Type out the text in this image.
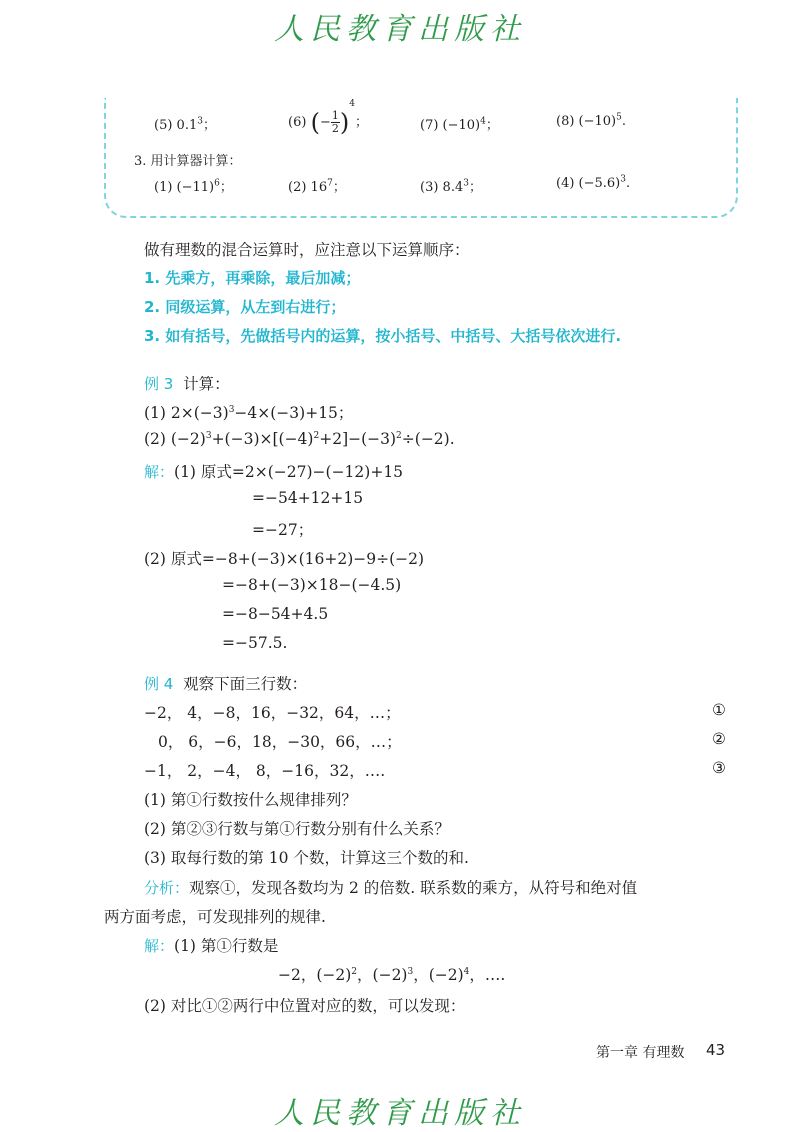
人民教育出版社
人民教育出版社
(5) $0.1^3$；	(6) (− $\frac{1}{2} )^4$；	(7) $(-10)^4$；	(8) $(-10)^5$.
3. 用计算器计算：
(1) $(-11)^6$；	(2) $16^7$；	(3) $8.4^3$；	(4) $(-5.6)^3$.
做有理数的混合运算时，应注意以下运算顺序：
1. 先乘方，再乘除，最后加减；
2. 同级运算，从左到右进行；
3. 如有括号，先做括号内的运算，按小括号、中括号、大括号依次进行.
例 3 计算：
(1) $2\times(-3)^3-4\times(-3)+15$；
(2) $(-2)^3+(-3)\times[(-4)^2+2]-(-3)^2\div(-2)$.
解：(1) 原式=2×(−27)−(−12)+15
=−54+12+15
=−27；
(2) 原式=−8+(−3)×(16+2)−9÷(−2)
=−8+(−3)×18−(−4.5)
=−8−54+4.5
=−57.5.
例 4 观察下面三行数：
−2， 4，−8，16，−32，64，…；	①
0， 6，−6，18，−30，66，…；	②
−1， 2，−4， 8，−16，32，….	③
(1) 第①行数按什么规律排列？
(2) 第②③行数与第①行数分别有什么关系？
(3) 取每行数的第 10 个数，计算这三个数的和.
分析：观察①，发现各数均为 2 的倍数. 联系数的乘方，从符号和绝对值
两方面考虑，可发现排列的规律.
解：(1) 第①行数是
−2，$(-2)^2$，$(-2)^3$，$(-2)^4$，….
(2) 对比①②两行中位置对应的数，可以发现：
第一章 有理数 43
